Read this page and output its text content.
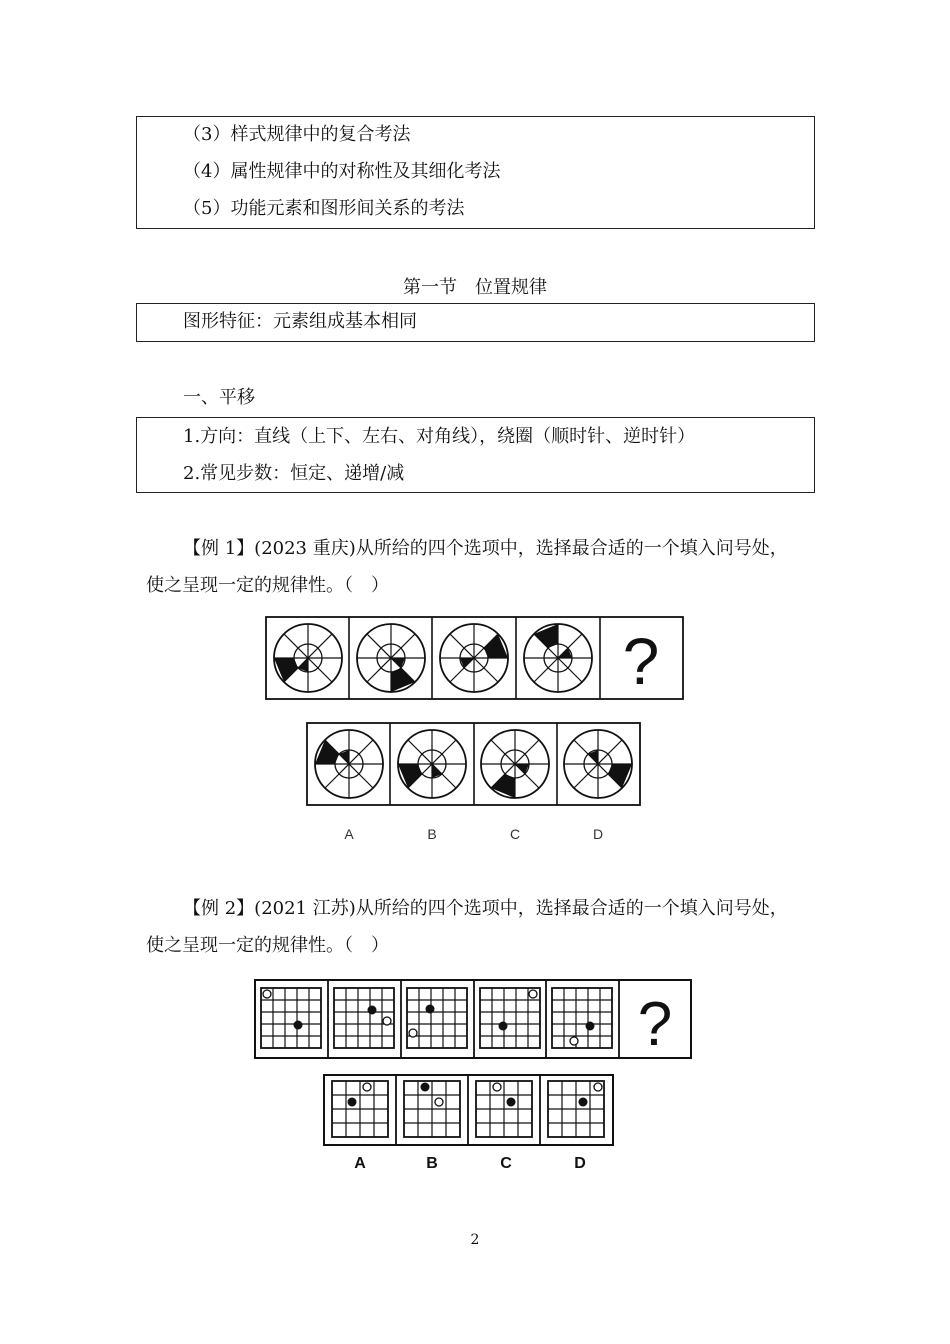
（3）样式规律中的复合考法
（4）属性规律中的对称性及其细化考法
（5）功能元素和图形间关系的考法
第一节　位置规律
图形特征：元素组成基本相同
一、平移
1.方向：直线（上下、左右、对角线），绕圈（顺时针、逆时针）
2.常见步数：恒定、递增/减
【例 1】(2023 重庆)从所给的四个选项中，选择最合适的一个填入问号处，
使之呈现一定的规律性。（　）
?
A	B	C	D
【例 2】(2021 江苏)从所给的四个选项中，选择最合适的一个填入问号处，
使之呈现一定的规律性。（　）
?
A	B	C	D
2
